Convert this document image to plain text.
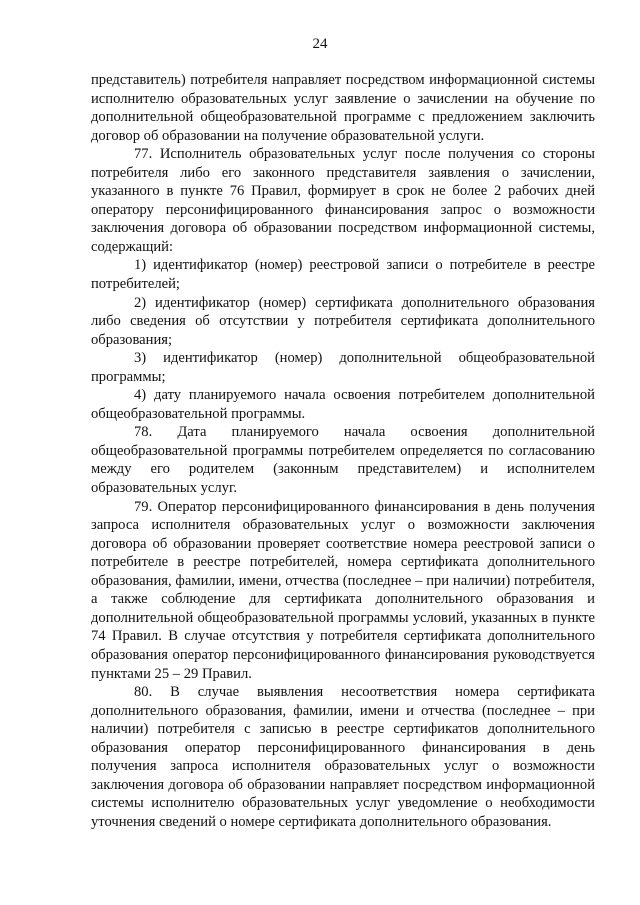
24

представитель) потребителя направляет посредством информационной системы исполнителю образовательных услуг заявление о зачислении на обучение по дополнительной общеобразовательной программе с предложением заключить договор об образовании на получение образовательной услуги.

77. Исполнитель образовательных услуг после получения со стороны потребителя либо его законного представителя заявления о зачислении, указанного в пункте 76 Правил, формирует в срок не более 2 рабочих дней оператору персонифицированного финансирования запрос о возможности заключения договора об образовании посредством информационной системы, содержащий:

1) идентификатор (номер) реестровой записи о потребителе в реестре потребителей;

2) идентификатор (номер) сертификата дополнительного образования либо сведения об отсутствии у потребителя сертификата дополнительного образования;

3) идентификатор (номер) дополнительной общеобразовательной программы;

4) дату планируемого начала освоения потребителем дополнительной общеобразовательной программы.

78. Дата планируемого начала освоения дополнительной общеобразовательной программы потребителем определяется по согласованию между его родителем (законным представителем) и исполнителем образовательных услуг.

79. Оператор персонифицированного финансирования в день получения запроса исполнителя образовательных услуг о возможности заключения договора об образовании проверяет соответствие номера реестровой записи о потребителе в реестре потребителей, номера сертификата дополнительного образования, фамилии, имени, отчества (последнее – при наличии) потребителя, а также соблюдение для сертификата дополнительного образования и дополнительной общеобразовательной программы условий, указанных в пункте 74 Правил. В случае отсутствия у потребителя сертификата дополнительного образования оператор персонифицированного финансирования руководствуется пунктами 25 – 29 Правил.

80. В случае выявления несоответствия номера сертификата дополнительного образования, фамилии, имени и отчества (последнее – при наличии) потребителя с записью в реестре сертификатов дополнительного образования оператор персонифицированного финансирования в день получения запроса исполнителя образовательных услуг о возможности заключения договора об образовании направляет посредством информационной системы исполнителю образовательных услуг уведомление о необходимости уточнения сведений о номере сертификата дополнительного образования.
